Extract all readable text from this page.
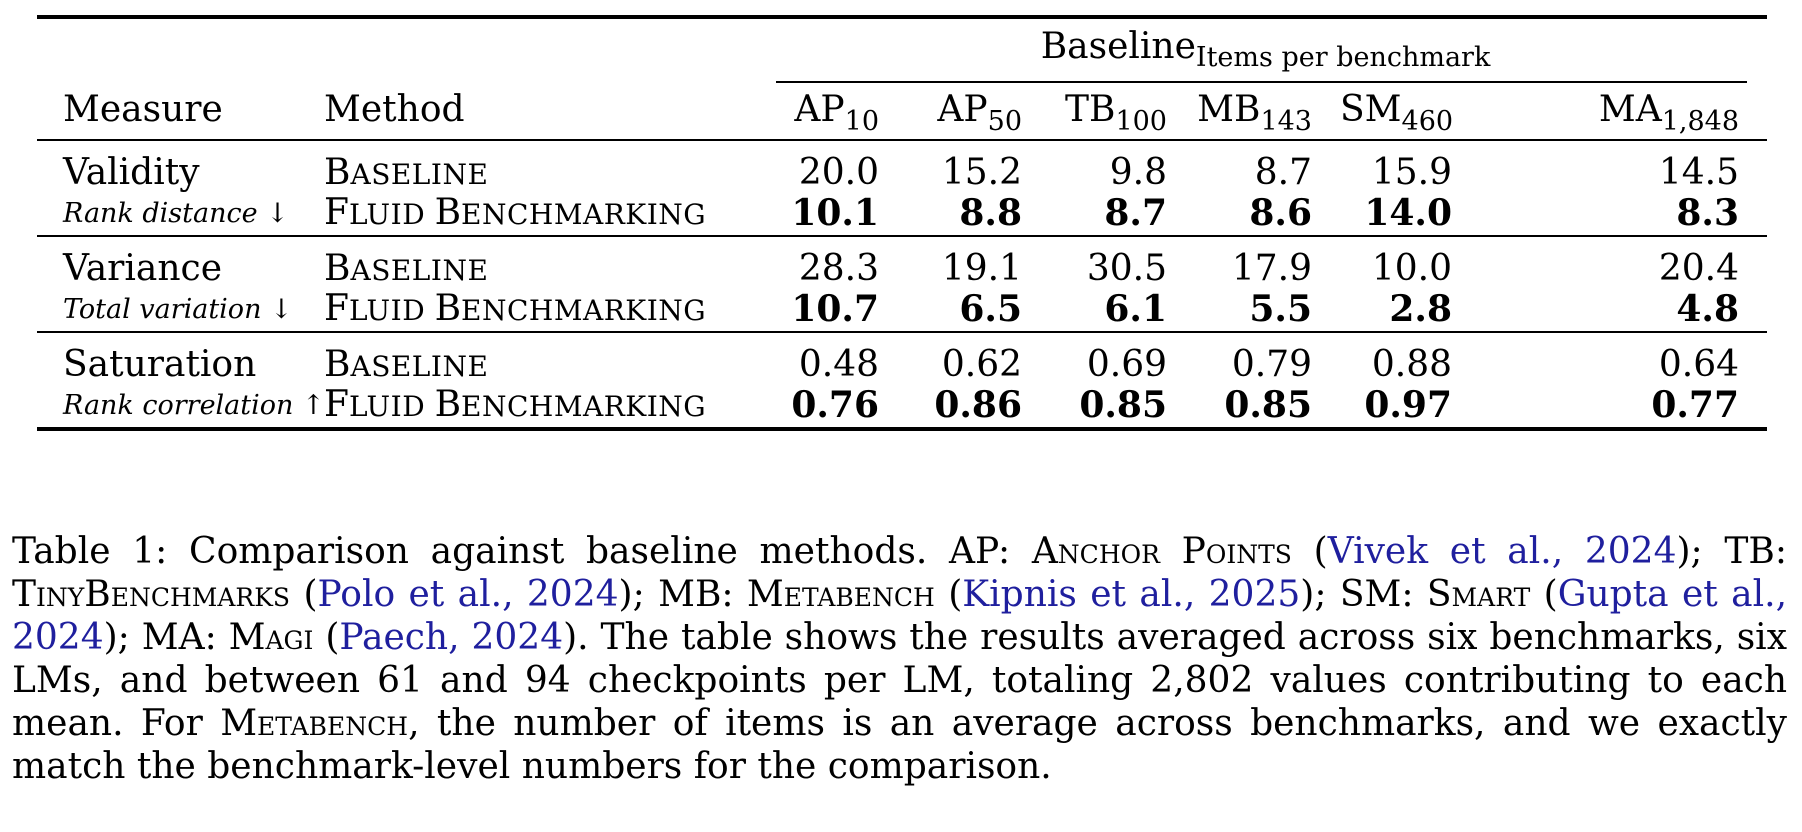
		Baseline$_{Items per benchmark}$

Measure	Method	$AP_{10}$	$AP_{50}$	$TB_{100}$	$MB_{143}$	$SM_{460}$	$MA_{1,848}$
Validity	BASELINE	20.0	15.2	9.8	8.7	15.9	14.5
Rank distance ↓	FLUID BENCHMARKING	10.1	8.8	8.7	8.6	14.0	8.3
Variance	BASELINE	28.3	19.1	30.5	17.9	10.0	20.4
Total variation ↓	FLUID BENCHMARKING	10.7	6.5	6.1	5.5	2.8	4.8
Saturation	BASELINE	0.48	0.62	0.69	0.79	0.88	0.64
Rank correlation ↑	FLUID BENCHMARKING	0.76	0.86	0.85	0.85	0.97	0.77
Table 1: Comparison against baseline methods. AP: Anchor Points (Vivek et al., 2024); TB: TinyBenchmarks (Polo et al., 2024); MB: Metabench (Kipnis et al., 2025); SM: Smart (Gupta et al., 2024); MA: Magi (Paech, 2024). The table shows the results averaged across six benchmarks, six LMs, and between 61 and 94 checkpoints per LM, totaling 2,802 values contributing to each mean. For Metabench, the number of items is an average across benchmarks, and we exactly match the benchmark-level numbers for the comparison.
